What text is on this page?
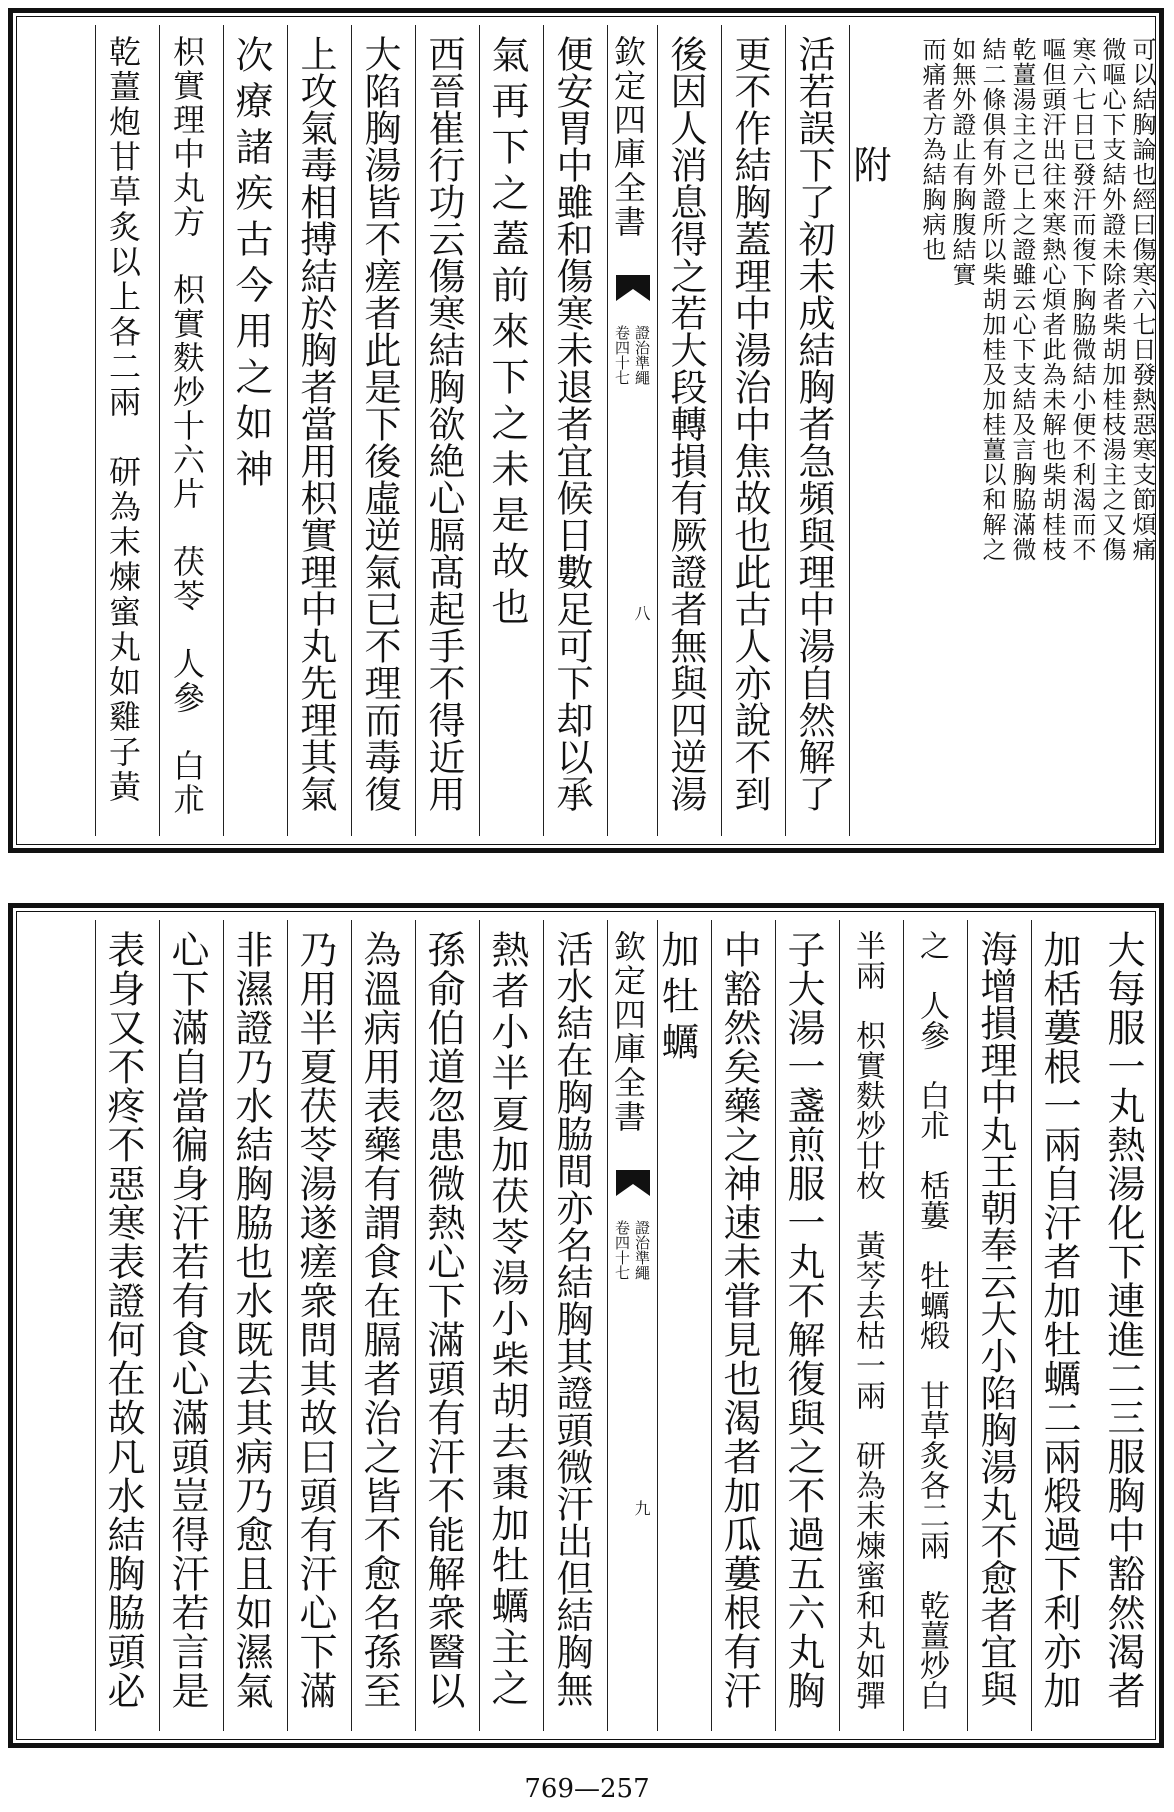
可以結胸論也經曰傷寒六七日發熱惡寒支節煩痛
微嘔心下支結外證未除者柴胡加桂枝湯主之又傷
寒六七日已發汗而復下胸脇微結小便不利渴而不
嘔但頭汗出往來寒熱心煩者此為未解也柴胡桂枝
乾薑湯主之已上之證雖云心下支結及言胸脇滿微
結二條俱有外證所以柴胡加桂及加桂薑以和解之
如無外證止有胸腹結實
而痛者方為結胸病也
附
活若誤下了初未成結胸者急頻與理中湯自然解了
更不作結胸蓋理中湯治中焦故也此古人亦說不到
後因人消息得之若大段轉損有厥證者無與四逆湯
欽定四庫全書
證治準繩
卷四十七
八
便安胃中雖和傷寒未退者宜候日數足可下却以承
氣再下之蓋前來下之未是故也
西晉崔行功云傷寒結胸欲絶心膈髙起手不得近用
大陷胸湯皆不瘥者此是下後虛逆氣已不理而毒復
上攻氣毒相搏結於胸者當用枳實理中丸先理其氣
次療諸疾古今用之如神
枳實理中丸方　枳實麩炒十六片　茯苓　人參　白朮
乾薑炮甘草炙以上各二兩　研為末煉蜜丸如雞子黃
大每服一丸熱湯化下連進二三服胸中豁然渴者
加栝蔞根一兩自汗者加牡蠣二兩煅過下利亦加
海增損理中丸王朝奉云大小陷胸湯丸不愈者宜與
之　人參　白朮　栝蔞　牡蠣煅　甘草炙各二兩　乾薑炒白
半兩　枳實麩炒廿枚　黃芩去枯一兩　研為末煉蜜和丸如彈
子大湯一盞煎服一丸不解復與之不過五六丸胸
中豁然矣藥之神速未甞見也渴者加瓜蔞根有汗
加牡蠣
欽定四庫全書
證治準繩
卷四十七
九
活水結在胸脇間亦名結胸其證頭微汗出但結胸無
熱者小半夏加茯苓湯小柴胡去棗加牡蠣主之
孫俞伯道忽患微熱心下滿頭有汗不能解衆醫以
為溫病用表藥有謂食在膈者治之皆不愈名孫至
乃用半夏茯苓湯遂瘥衆問其故曰頭有汗心下滿
非濕證乃水結胸脇也水既去其病乃愈且如濕氣
心下滿自當徧身汗若有食心滿頭豈得汗若言是
表身又不疼不惡寒表證何在故凡水結胸脇頭必
769—257
